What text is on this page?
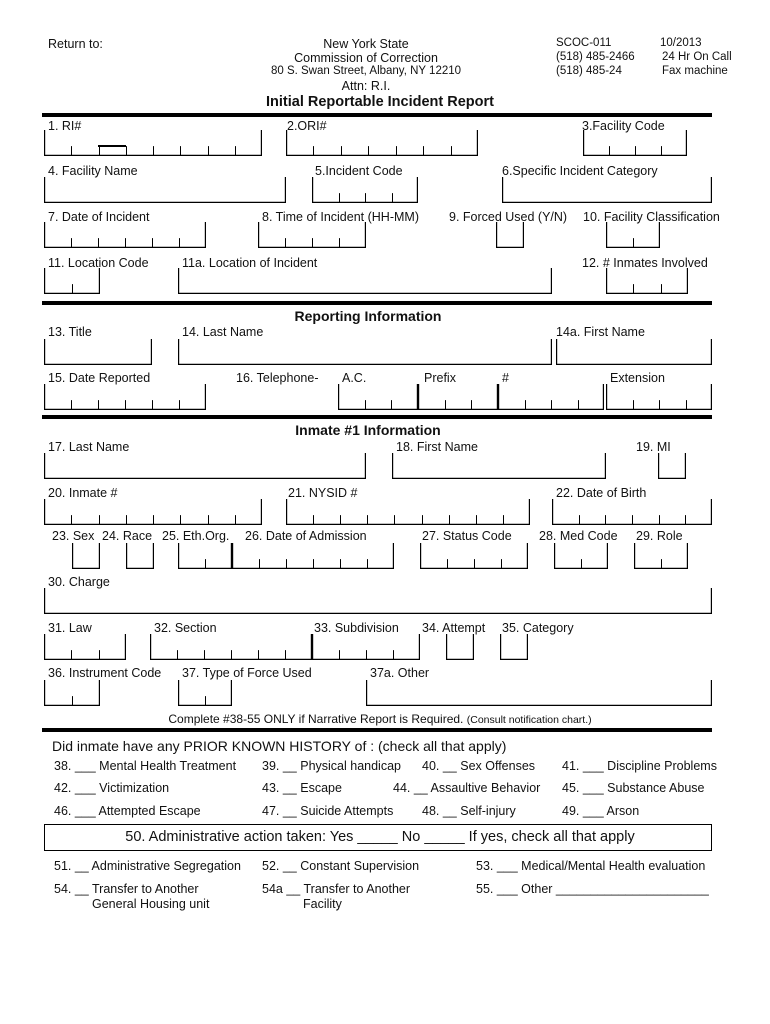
Return to:	New York State
Commission of Correction
80 S. Swan Street, Albany, NY 12210
Attn: R.I.
SCOC-011
(518) 485-2466
(518) 485-24
10/2013
24 Hr On Call
Fax machine
Initial Reportable Incident Report
1. RI#	2.ORI#	3.Facility Code
4. Facility Name	5.Incident Code	6.Specific Incident Category
7. Date of Incident	8. Time of Incident (HH-MM) 9. Forced Used (Y/N) 10. Facility Classification
11. Location Code	11a. Location of Incident	12. # Inmates Involved
Reporting Information
13. Title	14. Last Name	14a. First Name
15. Date Reported	16. Telephone- A.C.	Prefix	#	Extension
Inmate #1 Information
17. Last Name	18. First Name	19. MI
20. Inmate #	21. NYSID #	22. Date of Birth
23. Sex 24. Race 25. Eth.Org. 26. Date of Admission	27. Status Code 28. Med Code 29. Role
30. Charge
31. Law	32. Section	33. Subdivision 34. Attempt 35. Category
36. Instrument Code 37. Type of Force Used	37a. Other
Complete #38-55 ONLY if Narrative Report is Required. (Consult notification chart.)
Did inmate have any PRIOR KNOWN HISTORY of : (check all that apply)
38. ___ Mental Health Treatment 39. __ Physical handicap 40. __ Sex Offenses 41. ___ Discipline Problems
42. ___ Victimization	43. __ Escape	44. __ Assaultive Behavior 45. ___ Substance Abuse
46. ___ Attempted Escape	47. __ Suicide Attempts 48. __ Self-injury	49. ___ Arson
50. Administrative action taken: Yes _____ No _____ If yes, check all that apply
51. __ Administrative Segregation 52. __ Constant Supervision	53. ___ Medical/Mental Health evaluation
54. __ Transfer to Another
General Housing unit
54a __ Transfer to Another
Facility
55. ___ Other ______________________
